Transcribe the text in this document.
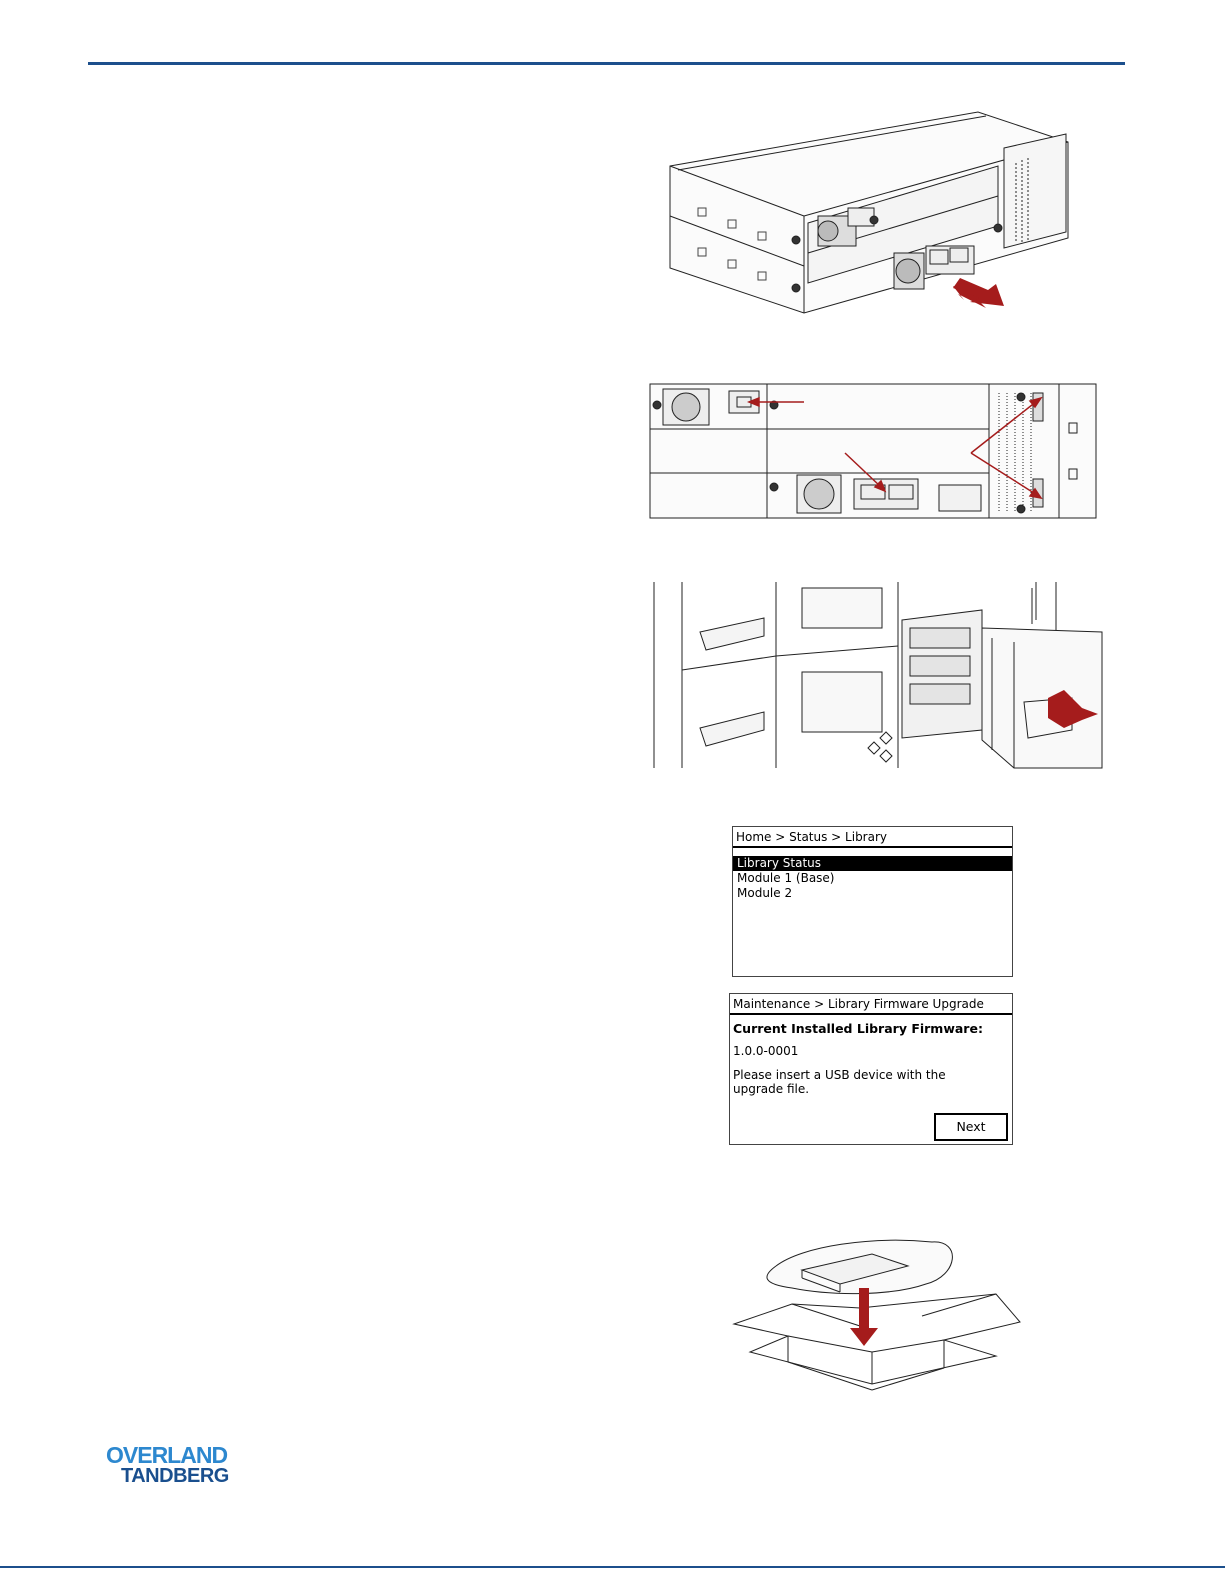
Home > Status > Library
Library Status
Module 1 (Base)
Module 2
Maintenance > Library Firmware Upgrade
Current Installed Library Firmware:
1.0.0-0001
Please insert a USB device with the upgrade file.
Next
OVERLAND
TANDBERG
